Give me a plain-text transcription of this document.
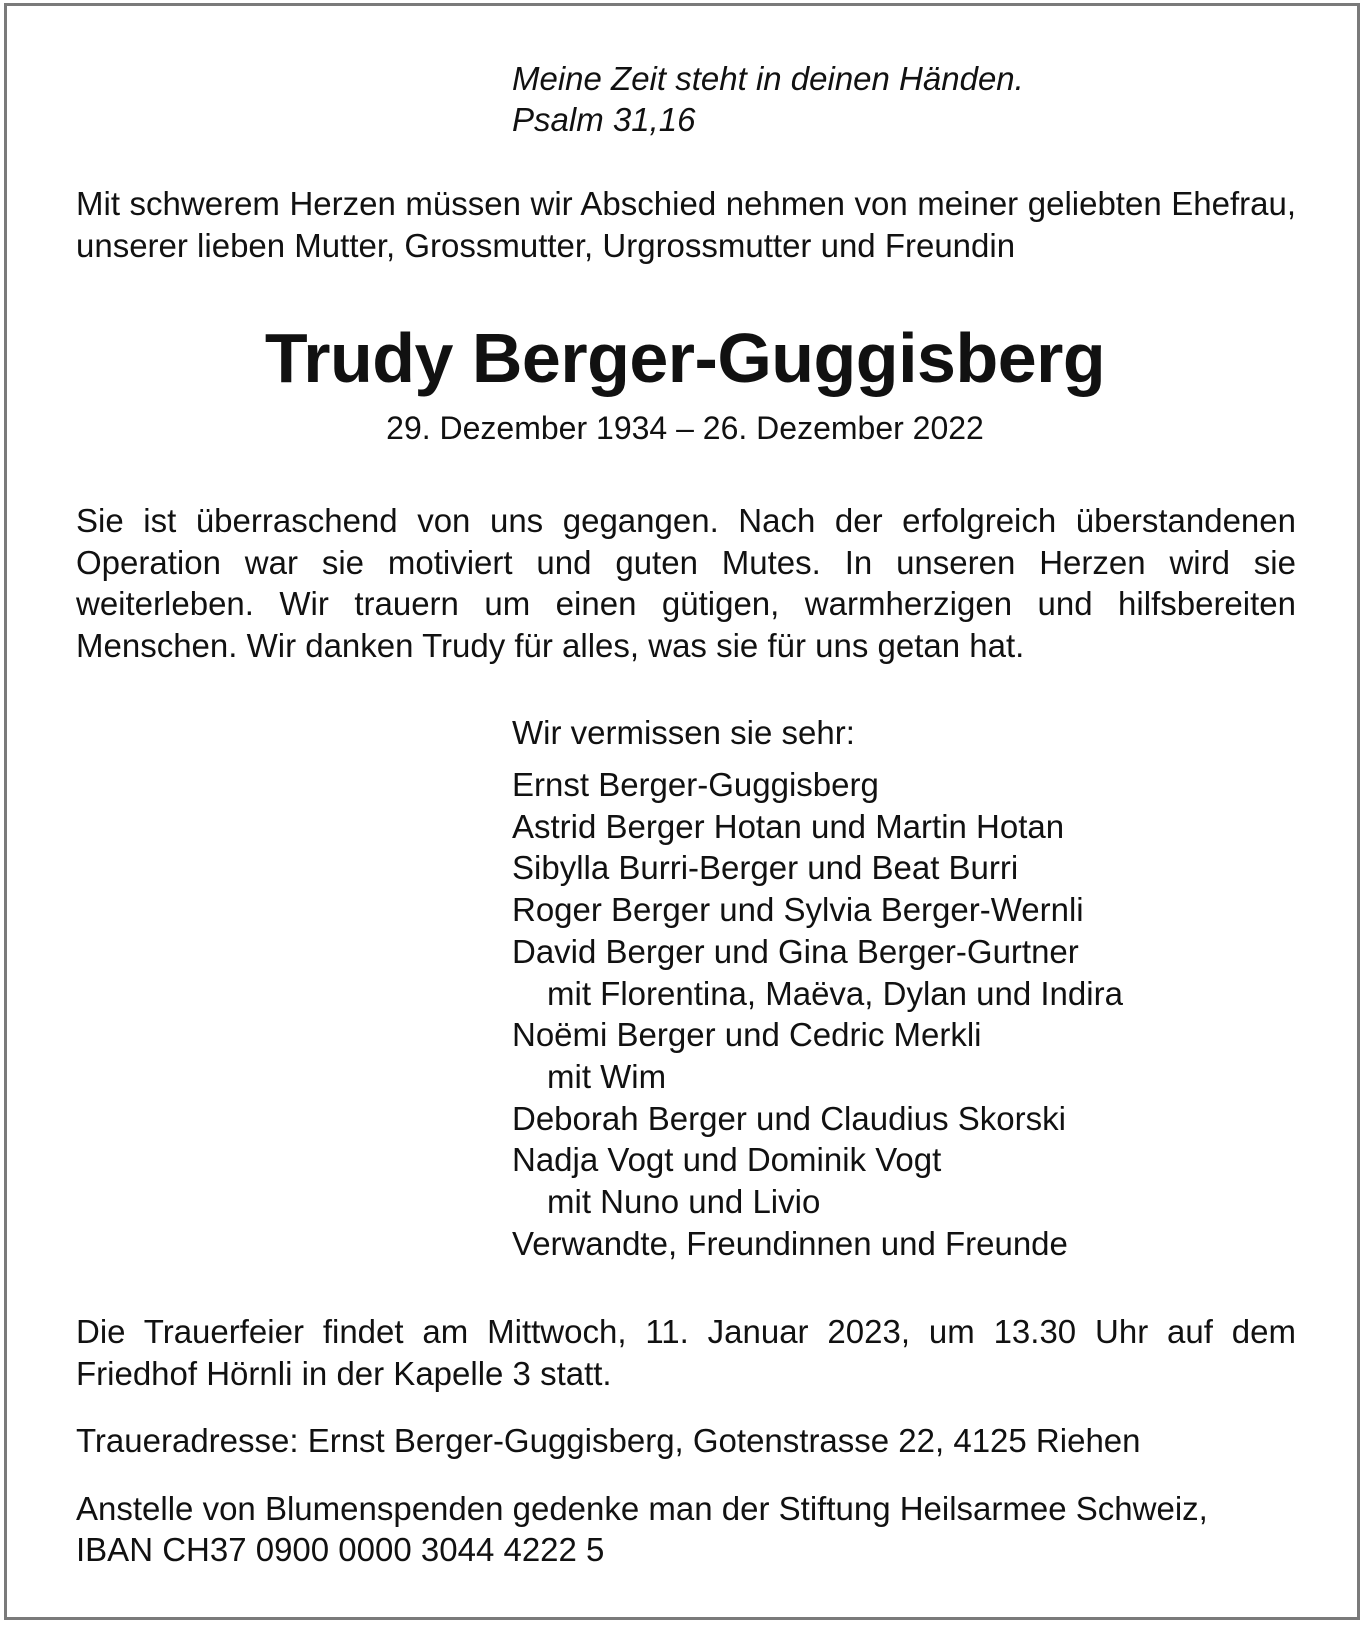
Meine Zeit steht in deinen Händen.
Psalm 31,16
Mit schwerem Herzen müssen wir Abschied nehmen von meiner geliebten Ehefrau, unserer lieben Mutter, Grossmutter, Urgrossmutter und Freundin
Trudy Berger-Guggisberg
29. Dezember 1934 – 26. Dezember 2022
Sie ist überraschend von uns gegangen. Nach der erfolgreich überstandenen Operation war sie motiviert und guten Mutes. In unseren Herzen wird sie weiterleben. Wir trauern um einen gütigen, warmherzigen und hilfsbereiten Menschen. Wir danken Trudy für alles, was sie für uns getan hat.
Wir vermissen sie sehr:
Ernst Berger-Guggisberg
Astrid Berger Hotan und Martin Hotan
Sibylla Burri-Berger und Beat Burri
Roger Berger und Sylvia Berger-Wernli
David Berger und Gina Berger-Gurtner
mit Florentina, Maëva, Dylan und Indira
Noëmi Berger und Cedric Merkli
mit Wim
Deborah Berger und Claudius Skorski
Nadja Vogt und Dominik Vogt
mit Nuno und Livio
Verwandte, Freundinnen und Freunde
Die Trauerfeier findet am Mittwoch, 11. Januar 2023, um 13.30 Uhr auf dem Friedhof Hörnli in der Kapelle 3 statt.
Traueradresse: Ernst Berger-Guggisberg, Gotenstrasse 22, 4125 Riehen
Anstelle von Blumenspenden gedenke man der Stiftung Heilsarmee Schweiz,
IBAN CH37 0900 0000 3044 4222 5
